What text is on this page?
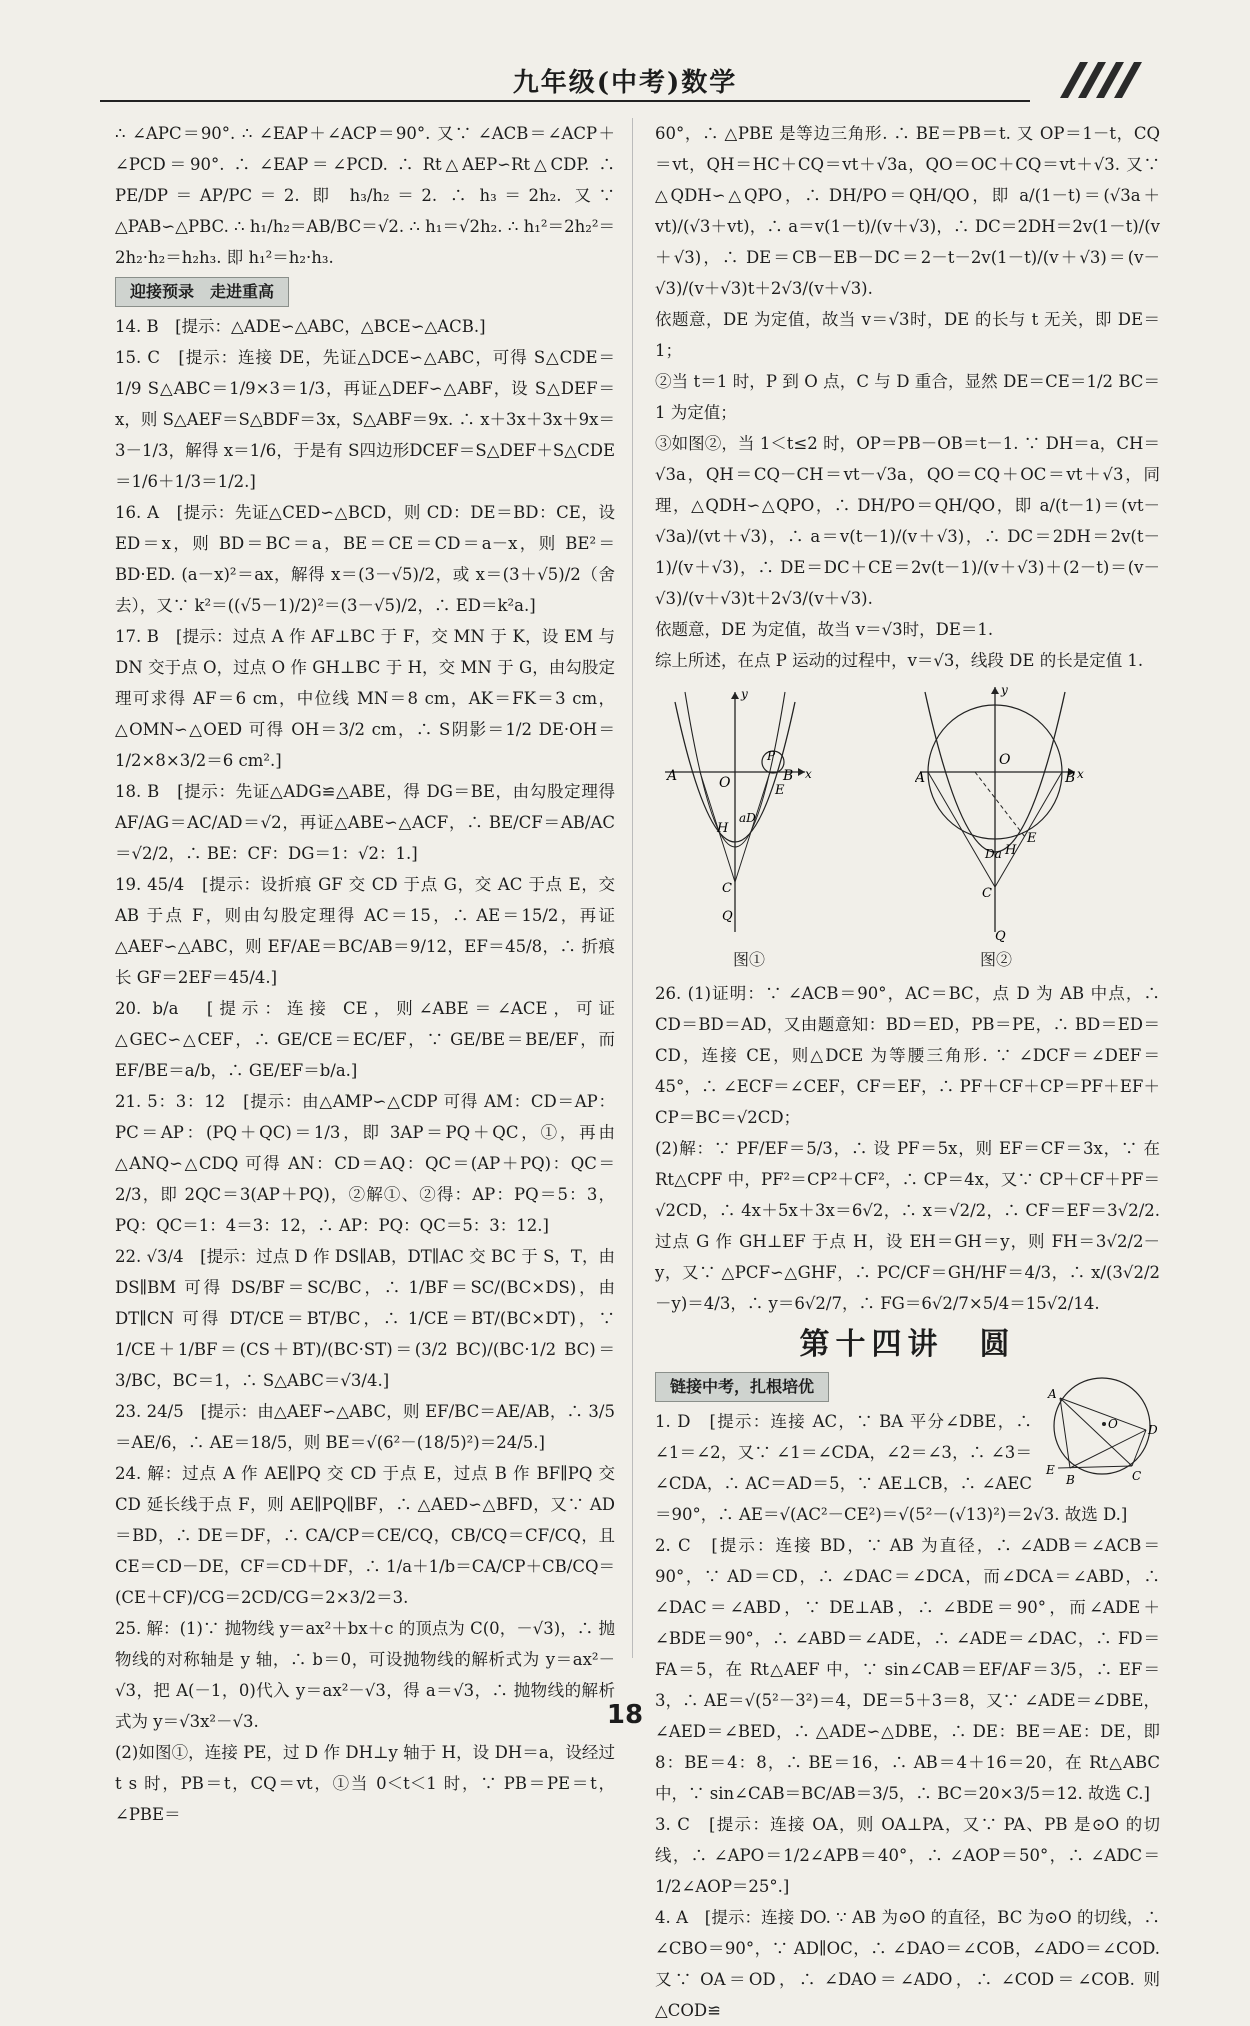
九年级(中考)数学

∴ ∠APC＝90°. ∴ ∠EAP＋∠ACP＝90°. 又∵ ∠ACB＝∠ACP＋∠PCD＝90°. ∴ ∠EAP＝∠PCD. ∴ Rt△AEP∽Rt△CDP. ∴ PE/DP＝AP/PC＝2. 即 h₃/h₂＝2. ∴ h₃＝2h₂. 又∵ △PAB∽△PBC. ∴ h₁/h₂＝AB/BC＝√2. ∴ h₁＝√2h₂. ∴ h₁²＝2h₂²＝2h₂·h₂＝h₂h₃. 即 h₁²＝h₂·h₃.

迎接预录　走进重高

14. B　[提示：△ADE∽△ABC，△BCE∽△ACB.]

15. C　[提示：连接 DE，先证△DCE∽△ABC，可得 S△CDE＝1/9 S△ABC＝1/9×3＝1/3，再证△DEF∽△ABF，设 S△DEF＝x，则 S△AEF＝S△BDF＝3x，S△ABF＝9x. ∴ x＋3x＋3x＋9x＝3－1/3，解得 x＝1/6，于是有 S四边形DCEF＝S△DEF＋S△CDE＝1/6＋1/3＝1/2.]

16. A　[提示：先证△CED∽△BCD，则 CD：DE＝BD：CE，设 ED＝x，则 BD＝BC＝a，BE＝CE＝CD＝a－x，则 BE²＝BD·ED. (a－x)²＝ax，解得 x＝(3－√5)/2，或 x＝(3＋√5)/2（舍去），又∵ k²＝((√5－1)/2)²＝(3－√5)/2，∴ ED＝k²a.]

17. B　[提示：过点 A 作 AF⊥BC 于 F，交 MN 于 K，设 EM 与 DN 交于点 O，过点 O 作 GH⊥BC 于 H，交 MN 于 G，由勾股定理可求得 AF＝6 cm，中位线 MN＝8 cm，AK＝FK＝3 cm，△OMN∽△OED 可得 OH＝3/2 cm，∴ S阴影＝1/2 DE·OH＝1/2×8×3/2＝6 cm².]

18. B　[提示：先证△ADG≌△ABE，得 DG＝BE，由勾股定理得 AF/AG＝AC/AD＝√2，再证△ABE∽△ACF，∴ BE/CF＝AB/AC＝√2/2，∴ BE：CF：DG＝1：√2：1.]

19. 45/4　[提示：设折痕 GF 交 CD 于点 G，交 AC 于点 E，交 AB 于点 F，则由勾股定理得 AC＝15，∴ AE＝15/2，再证△AEF∽△ABC，则 EF/AE＝BC/AB＝9/12，EF＝45/8，∴ 折痕长 GF＝2EF＝45/4.]

20. b/a　[提示：连接 CE，则∠ABE＝∠ACE，可证△GEC∽△CEF，∴ GE/CE＝EC/EF，∵ GE/BE＝BE/EF，而 EF/BE＝a/b，∴ GE/EF＝b/a.]

21. 5：3：12　[提示：由△AMP∽△CDP 可得 AM：CD＝AP：PC＝AP：(PQ＋QC)＝1/3，即 3AP＝PQ＋QC，①，再由△ANQ∽△CDQ 可得 AN：CD＝AQ：QC＝(AP＋PQ)：QC＝2/3，即 2QC＝3(AP＋PQ)，②解①、②得：AP：PQ＝5：3，PQ：QC＝1：4＝3：12，∴ AP：PQ：QC＝5：3：12.]

22. √3/4　[提示：过点 D 作 DS∥AB，DT∥AC 交 BC 于 S，T，由 DS∥BM 可得 DS/BF＝SC/BC，∴ 1/BF＝SC/(BC×DS)，由 DT∥CN 可得 DT/CE＝BT/BC，∴ 1/CE＝BT/(BC×DT)，∵ 1/CE＋1/BF＝(CS＋BT)/(BC·ST)＝(3/2 BC)/(BC·1/2 BC)＝3/BC，BC＝1，∴ S△ABC＝√3/4.]

23. 24/5　[提示：由△AEF∽△ABC，则 EF/BC＝AE/AB，∴ 3/5＝AE/6，∴ AE＝18/5，则 BE＝√(6²－(18/5)²)＝24/5.]

24. 解：过点 A 作 AE∥PQ 交 CD 于点 E，过点 B 作 BF∥PQ 交 CD 延长线于点 F，则 AE∥PQ∥BF，∴ △AED∽△BFD，又∵ AD＝BD，∴ DE＝DF，∴ CA/CP＝CE/CQ，CB/CQ＝CF/CQ，且 CE＝CD－DE，CF＝CD＋DF，∴ 1/a＋1/b＝CA/CP＋CB/CQ＝(CE＋CF)/CG＝2CD/CG＝2×3/2＝3.

25. 解：(1)∵ 抛物线 y＝ax²＋bx＋c 的顶点为 C(0，－√3)，∴ 抛物线的对称轴是 y 轴，∴ b＝0，可设抛物线的解析式为 y＝ax²－√3，把 A(－1，0)代入 y＝ax²－√3，得 a＝√3，∴ 抛物线的解析式为 y＝√3x²－√3.

(2)如图①，连接 PE，过 D 作 DH⊥y 轴于 H，设 DH＝a，设经过 t s 时，PB＝t，CQ＝vt，①当 0＜t＜1 时，∵ PB＝PE＝t，∠PBE＝

60°，∴ △PBE 是等边三角形. ∴ BE＝PB＝t. 又 OP＝1－t，CQ＝vt，QH＝HC＋CQ＝vt＋√3a，QO＝OC＋CQ＝vt＋√3. 又∵ △QDH∽△QPO，∴ DH/PO＝QH/QO，即 a/(1－t)＝(√3a＋vt)/(√3＋vt)，∴ a＝v(1－t)/(v＋√3)，∴ DC＝2DH＝2v(1－t)/(v＋√3)，∴ DE＝CB－EB－DC＝2－t－2v(1－t)/(v＋√3)＝(v－√3)/(v＋√3)t＋2√3/(v＋√3).

依题意，DE 为定值，故当 v＝√3时，DE 的长与 t 无关，即 DE＝1；

②当 t＝1 时，P 到 O 点，C 与 D 重合，显然 DE＝CE＝1/2 BC＝1 为定值；

③如图②，当 1＜t≤2 时，OP＝PB－OB＝t－1. ∵ DH＝a，CH＝√3a，QH＝CQ－CH＝vt－√3a，QO＝CQ＋OC＝vt＋√3，同理，△QDH∽△QPO，∴ DH/PO＝QH/QO，即 a/(t－1)＝(vt－√3a)/(vt＋√3)，∴ a＝v(t－1)/(v＋√3)，∴ DC＝2DH＝2v(t－1)/(v＋√3)，∴ DE＝DC＋CE＝2v(t－1)/(v＋√3)＋(2－t)＝(v－√3)/(v＋√3)t＋2√3/(v＋√3).

依题意，DE 为定值，故当 v＝√3时，DE＝1.

综上所述，在点 P 运动的过程中，v＝√3，线段 DE 的长是定值 1.

A	O	B x
y
P
E
H
aD
C
Q
A
O
B x
y
E
H
Da
C
Q
图①	图②

26. (1)证明：∵ ∠ACB＝90°，AC＝BC，点 D 为 AB 中点，∴ CD＝BD＝AD，又由题意知：BD＝ED，PB＝PE，∴ BD＝ED＝CD，连接 CE，则△DCE 为等腰三角形. ∵ ∠DCF＝∠DEF＝45°，∴ ∠ECF＝∠CEF，CF＝EF，∴ PF＋CF＋CP＝PF＋EF＋CP＝BC＝√2CD；

(2)解：∵ PF/EF＝5/3，∴ 设 PF＝5x，则 EF＝CF＝3x，∵ 在 Rt△CPF 中，PF²＝CP²＋CF²，∴ CP＝4x，又∵ CP＋CF＋PF＝√2CD，∴ 4x＋5x＋3x＝6√2，∴ x＝√2/2，∴ CF＝EF＝3√2/2. 过点 G 作 GH⊥EF 于点 H，设 EH＝GH＝y，则 FH＝3√2/2－y，又∵ △PCF∽△GHF，∴ PC/CF＝GH/HF＝4/3，∴ x/(3√2/2－y)＝4/3，∴ y＝6√2/7，∴ FG＝6√2/7×5/4＝15√2/14.

第十四讲　圆
链接中考，扎根培优	A
O	D
E
B	C

1. D　[提示：连接 AC，∵ BA 平分∠DBE，∴ ∠1＝∠2，又∵ ∠1＝∠CDA，∠2＝∠3，∴ ∠3＝∠CDA，∴ AC＝AD＝5，∵ AE⊥CB，∴ ∠AEC＝90°，∴ AE＝√(AC²－CE²)＝√(5²－(√13)²)＝2√3. 故选 D.]

2. C　[提示：连接 BD，∵ AB 为直径，∴ ∠ADB＝∠ACB＝90°，∵ AD＝CD，∴ ∠DAC＝∠DCA，而∠DCA＝∠ABD，∴ ∠DAC＝∠ABD，∵ DE⊥AB，∴ ∠BDE＝90°，而∠ADE＋∠BDE＝90°，∴ ∠ABD＝∠ADE，∴ ∠ADE＝∠DAC，∴ FD＝FA＝5，在 Rt△AEF 中，∵ sin∠CAB＝EF/AF＝3/5，∴ EF＝3，∴ AE＝√(5²－3²)＝4，DE＝5＋3＝8，又∵ ∠ADE＝∠DBE，∠AED＝∠BED，∴ △ADE∽△DBE，∴ DE：BE＝AE：DE，即 8：BE＝4：8，∴ BE＝16，∴ AB＝4＋16＝20，在 Rt△ABC 中，∵ sin∠CAB＝BC/AB＝3/5，∴ BC＝20×3/5＝12. 故选 C.]

3. C　[提示：连接 OA，则 OA⊥PA，又∵ PA、PB 是⊙O 的切线，∴ ∠APO＝1/2∠APB＝40°，∴ ∠AOP＝50°，∴ ∠ADC＝1/2∠AOP＝25°.]

4. A　[提示：连接 DO. ∵ AB 为⊙O 的直径，BC 为⊙O 的切线，∴ ∠CBO＝90°，∵ AD∥OC，∴ ∠DAO＝∠COB，∠ADO＝∠COD. 又∵ OA＝OD，∴ ∠DAO＝∠ADO，∴ ∠COD＝∠COB. 则△COD≌

18
